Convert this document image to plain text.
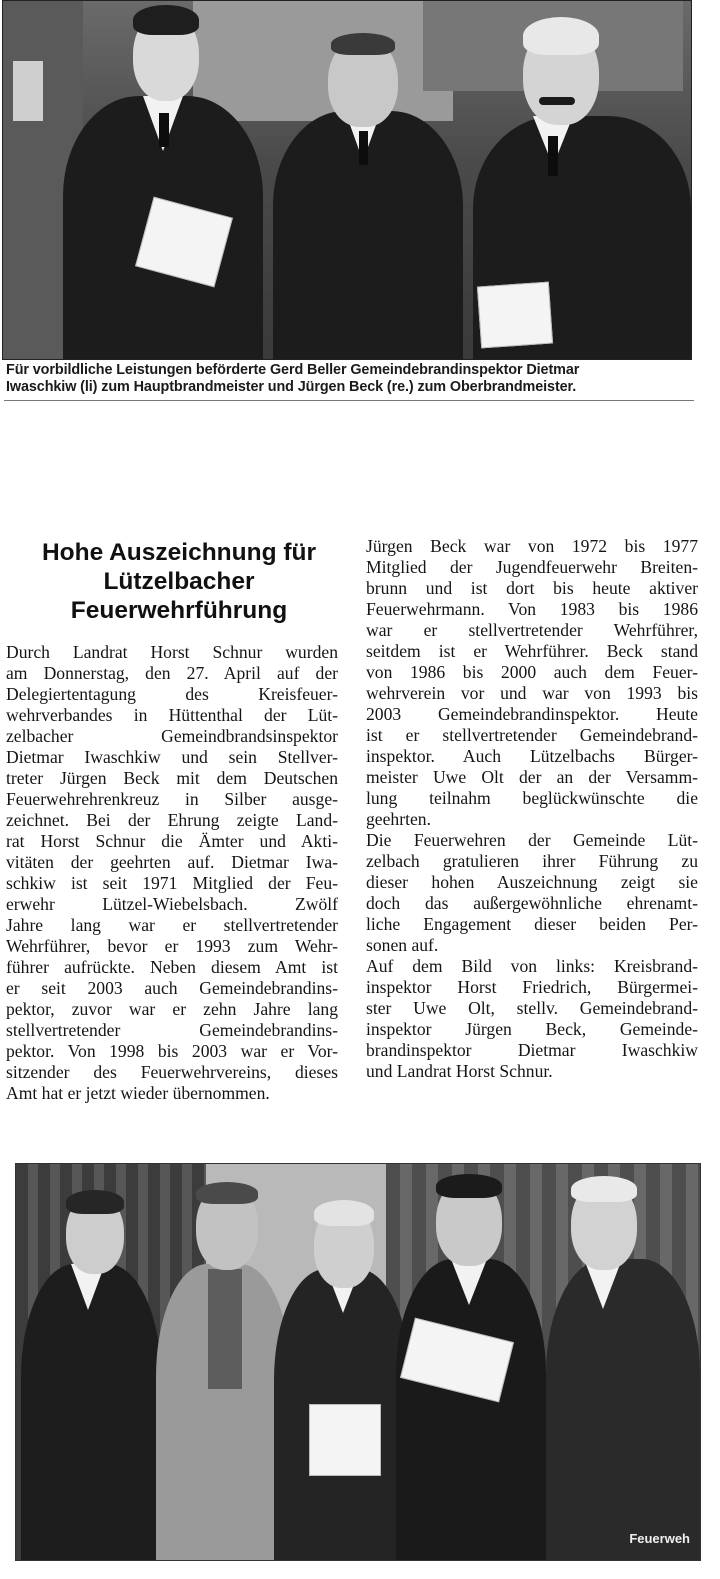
Für vorbildliche Leistungen beförderte Gerd Beller Gemeindebrandinspektor Dietmar
Iwaschkiw (li) zum Hauptbrandmeister und Jürgen Beck (re.) zum Oberbrandmeister.
Hohe Auszeichnung für
Lützelbacher
Feuerwehrführung
Durch Landrat Horst Schnur wurden
am Donnerstag, den 27. April auf der
Delegiertentagung des Kreisfeuer-
wehrverbandes in Hüttenthal der Lüt-
zelbacher Gemeindbrandsinspektor
Dietmar Iwaschkiw und sein Stellver-
treter Jürgen Beck mit dem Deutschen
Feuerwehrehrenkreuz in Silber ausge-
zeichnet. Bei der Ehrung zeigte Land-
rat Horst Schnur die Ämter und Akti-
vitäten der geehrten auf. Dietmar Iwa-
schkiw ist seit 1971 Mitglied der Feu-
erwehr Lützel-Wiebelsbach. Zwölf
Jahre lang war er stellvertretender
Wehrführer, bevor er 1993 zum Wehr-
führer aufrückte. Neben diesem Amt ist
er seit 2003 auch Gemeindebrandins-
pektor, zuvor war er zehn Jahre lang
stellvertretender Gemeindebrandins-
pektor. Von 1998 bis 2003 war er Vor-
sitzender des Feuerwehrvereins, dieses
Amt hat er jetzt wieder übernommen.
Jürgen Beck war von 1972 bis 1977
Mitglied der Jugendfeuerwehr Breiten-
brunn und ist dort bis heute aktiver
Feuerwehrmann. Von 1983 bis 1986
war er stellvertretender Wehrführer,
seitdem ist er Wehrführer. Beck stand
von 1986 bis 2000 auch dem Feuer-
wehrverein vor und war von 1993 bis
2003 Gemeindebrandinspektor. Heute
ist er stellvertretender Gemeindebrand-
inspektor. Auch Lützelbachs Bürger-
meister Uwe Olt der an der Versamm-
lung teilnahm beglückwünschte die
geehrten.
Die Feuerwehren der Gemeinde Lüt-
zelbach gratulieren ihrer Führung zu
dieser hohen Auszeichnung zeigt sie
doch das außergewöhnliche ehrenamt-
liche Engagement dieser beiden Per-
sonen auf.
Auf dem Bild von links: Kreisbrand-
inspektor Horst Friedrich, Bürgermei-
ster Uwe Olt, stellv. Gemeindebrand-
inspektor Jürgen Beck, Gemeinde-
brandinspektor Dietmar Iwaschkiw
und Landrat Horst Schnur.
Feuerweh
